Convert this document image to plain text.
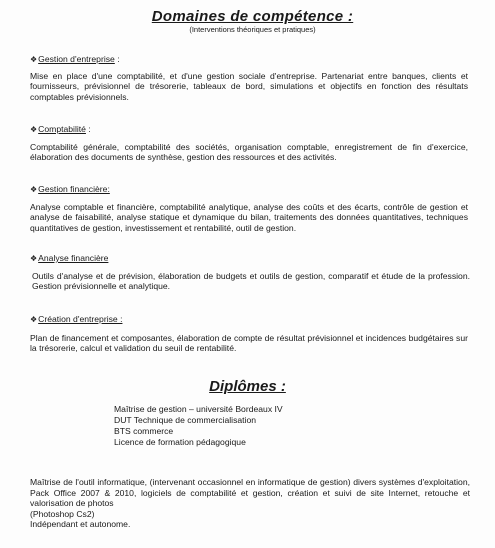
Domaines de compétence :
(Interventions théoriques et pratiques)
❖Gestion d'entreprise :
Mise en place d'une comptabilité, et d'une gestion sociale d'entreprise. Partenariat entre banques, clients et fournisseurs, prévisionnel de trésorerie, tableaux de bord, simulations et objectifs en fonction des résultats comptables prévisionnels.
❖Comptabilité :
Comptabilité générale, comptabilité des sociétés, organisation comptable, enregistrement de fin d'exercice, élaboration des documents de synthèse, gestion des ressources et des activités.
❖Gestion financière:
Analyse comptable et financière, comptabilité analytique, analyse des coûts et des écarts, contrôle de gestion et analyse de faisabilité, analyse statique et dynamique du bilan, traitements des données quantitatives, techniques quantitatives de gestion, investissement et rentabilité, outil de gestion.
❖Analyse financière
Outils d'analyse et de prévision, élaboration de budgets et outils de gestion, comparatif et étude de la profession. Gestion prévisionnelle et analytique.
❖Création d'entreprise :
Plan de financement et composantes, élaboration de compte de résultat prévisionnel et incidences budgétaires sur la trésorerie, calcul et validation du seuil de rentabilité.
Diplômes :
Maîtrise de gestion – université Bordeaux IV
DUT Technique de commercialisation
BTS commerce
Licence de formation pédagogique
Maîtrise de l'outil informatique, (intervenant occasionnel en informatique de gestion) divers systèmes d'exploitation, Pack Office 2007 & 2010, logiciels de comptabilité et gestion, création et suivi de site Internet, retouche et valorisation de photos
(Photoshop Cs2)
Indépendant et autonome.
